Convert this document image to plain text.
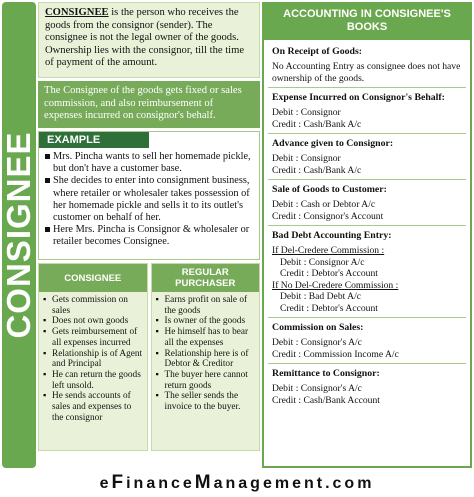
CONSIGNEE
CONSIGNEE is the person who receives the goods from the consignor (sender). The consignee is not the legal owner of the goods. Ownership lies with the consignor, till the time of payment of the amount.
The Consignee of the goods gets fixed or sales commission, and also reimbursement of expenses incurred on consignor's behalf.
EXAMPLE
Mrs. Pincha wants to sell her homemade pickle, but don't have a customer base.
She decides to enter into consignment business, where retailer or wholesaler takes possession of her homemade pickle and sells it to its outlet's customer on behalf of her.
Here Mrs. Pincha is Consignor & wholesaler or retailer becomes Consignee.
CONSIGNEE
▪ Gets commission on sales
▪ Does not own goods
▪ Gets reimbursement of all expenses incurred
▪ Relationship is of Agent and Principal
▪ He can return the goods left unsold.
▪ He sends accounts of sales and expenses to the consignor
REGULAR PURCHASER
▪ Earns profit on sale of the goods
▪ Is owner of the goods
▪ He himself has to bear all the expenses
▪ Relationship here is of Debtor & Creditor
▪ The buyer here cannot return goods
▪ The seller sends the invoice to the buyer.
ACCOUNTING IN CONSIGNEE'S BOOKS
On Receipt of Goods:
No Accounting Entry as consignee does not have ownership of the goods.
Expense Incurred on Consignor's Behalf:
Debit : Consignor
Credit : Cash/Bank A/c
Advance given to Consignor:
Debit : Consignor
Credit : Cash/Bank A/c
Sale of Goods to Customer:
Debit : Cash or Debtor A/c
Credit : Consignor's Account
Bad Debt Accounting Entry:
If Del-Credere Commission :
Debit : Consignor A/c
Credit : Debtor's Account
If No Del-Credere Commission :
Debit : Bad Debt A/c
Credit : Debtor's Account
Commission on Sales:
Debit : Consignor's A/c
Credit : Commission Income A/c
Remittance to Consignor:
Debit : Consignor's A/c
Credit : Cash/Bank Account
eFinanceManagement.com
